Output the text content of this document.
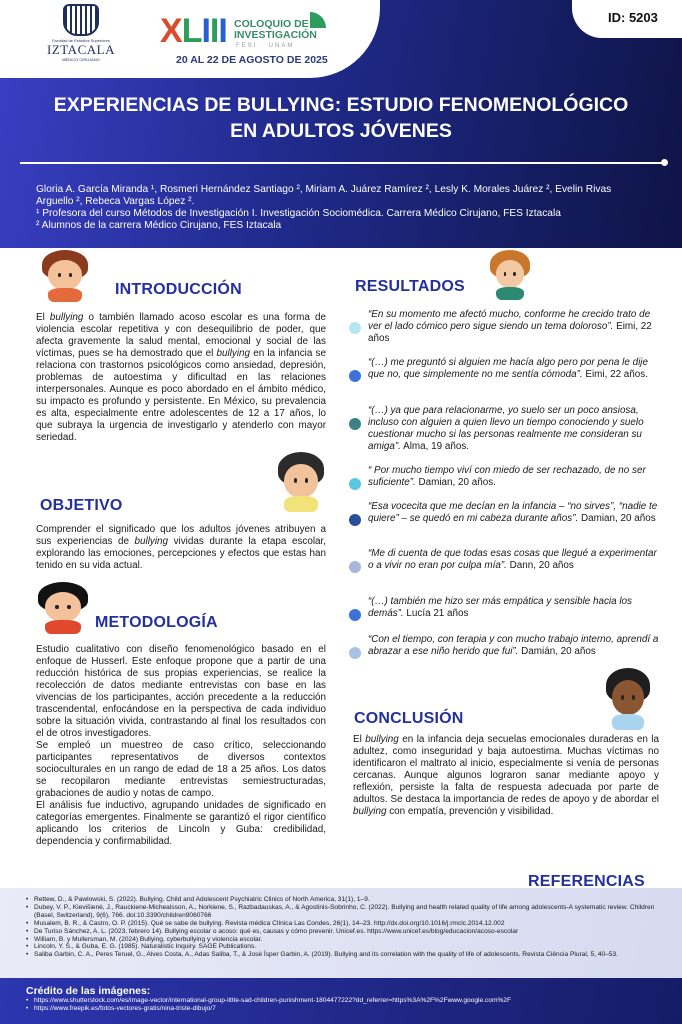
Facultad de Estudios Superiores
IZTACALA
MÉDICO CIRUJANO
XLIII COLOQUIO DE
INVESTIGACIÓN
FESI · UNAM
20 AL 22 DE AGOSTO DE 2025
ID: 5203
EXPERIENCIAS DE BULLYING: ESTUDIO FENOMENOLÓGICO
EN ADULTOS JÓVENES

Gloria A. García Miranda ¹, Rosmeri Hernández Santiago ², Miriam A. Juárez Ramírez ², Lesly K. Morales Juárez ², Evelin Rivas

Arguello ², Rebeca Vargas López ².

¹ Profesora del curso Métodos de Investigación I. Investigación Sociomédica. Carrera Médico Cirujano, FES Iztacala

² Alumnos de la carrera Médico Cirujano, FES Iztacala

INTRODUCCIÓN

El bullying o también llamado acoso escolar es una forma de violencia escolar repetitiva y con desequilibrio de poder, que afecta gravemente la salud mental, emocional y social de las víctimas, pues se ha demostrado que el bullying en la infancia se relaciona con trastornos psicológicos como ansiedad, depresión, problemas de autoestima y dificultad en las relaciones interpersonales. Aunque es poco abordado en el ámbito médico, su impacto es profundo y persistente. En México, su prevalencia es alta, especialmente entre adolescentes de 12 a 17 años, lo que subraya la urgencia de investigarlo y atenderlo con mayor seriedad.

OBJETIVO

Comprender el significado que los adultos jóvenes atribuyen a sus experiencias de bullying vividas durante la etapa escolar, explorando las emociones, percepciones y efectos que estas han tenido en su vida actual.

METODOLOGÍA

Estudio cualitativo con diseño fenomenológico basado en el enfoque de Husserl. Este enfoque propone que a partir de una reducción histórica de sus propias experiencias, se realice la recolección de datos mediante entrevistas con base en las vivencias de los participantes, acción precedente a la reducción trascendental, enfocándose en la perspectiva de cada individuo sobre la situación vivida, contrastando al final los resultados con el de otros investigadores.

Se empleó un muestreo de caso crítico, seleccionando participantes representativos de diversos contextos socioculturales en un rango de edad de 18 a 25 años. Los datos se recopilaron mediante entrevistas semiestructuradas, grabaciones de audio y notas de campo.

El análisis fue inductivo, agrupando unidades de significado en categorías emergentes. Finalmente se garantizó el rigor científico aplicando los criterios de Lincoln y Guba: credibilidad, dependencia y confirmabilidad.

RESULTADOS
“En su momento me afectó mucho, conforme he crecido trato de ver el lado cómico pero sigue siendo un tema doloroso”. Eimi, 22 años
“(…) me preguntó si alguien me hacía algo pero por pena le dije que no, que simplemente no me sentía cómoda”. Eimi, 22 años.
“(…) ya que para relacionarme, yo suelo ser un poco ansiosa, incluso con alguien a quien llevo un tiempo conociendo y suelo cuestionar mucho si las personas realmente me consideran su amiga”. Alma, 19 años.
“ Por mucho tiempo viví con miedo de ser rechazado, de no ser suficiente”. Damian, 20 años.
“Esa vocecita que me decían en la infancia – “no sirves”, “nadie te quiere” – se quedó en mi cabeza durante años”. Damian, 20 años
“Me di cuenta de que todas esas cosas que llegué a experimentar o a vivir no eran por culpa mía”. Dann, 20 años
“(…) también me hizo ser más empática y sensible hacia los demás”. Lucía 21 años
“Con el tiempo, con terapia y con mucho trabajo interno, aprendí a abrazar a ese niño herido que fui”. Damián, 20 años
CONCLUSIÓN

El bullying en la infancia deja secuelas emocionales duraderas en la adultez, como inseguridad y baja autoestima. Muchas víctimas no identificaron el maltrato al inicio, especialmente si venía de personas cercanas. Aunque algunos lograron sanar mediante apoyo y reflexión, persiste la falta de respuesta adecuada por parte de adultos. Se destaca la importancia de redes de apoyo y de abordar el bullying con empatía, prevención y visibilidad.

REFERENCIAS
• Rettew, D., & Pawlowski, S. (2022). Bullying. Child and Adolescent Psychiatric Clinics of North America, 31(1), 1–9.
• Dubey, V. P., Kievišienė, J., Rauckiene-Michealsson, A., Norkiene, S., Razbadauskas, A., & Agostinis-Sobrinho, C. (2022). Bullying and health related quality of life among adolescents-A systematic review. Children (Basel, Switzerland), 9(6), 766. doi:10.3390/children9060766
• Musalem, B. R., & Castro, O. P. (2015). Qué se sabe de bullying. Revista médica Clínica Las Condes, 26(1), 14–23. http://dx.doi.org/10.1016/j.rmclc.2014.12.002
• De Turiso Sánchez, A. L. (2023, febrero 14). Bullying escolar o acoso: qué es, causas y cómo prevenir. Unicef.es. https://www.unicef.es/blog/educacion/acoso-escolar
• William, B. y Mullersman, M. (2024) Bullying, cyberbullying y violencia escolar.
• Lincoln, Y. S., & Guba, E. G. (1985). Naturalistic Inquiry. SAGE Publications.
• Saliba Garbin, C. A., Peres Teruel, G., Alves Costa, A., Adas Saliba, T., & José Ísper Garbin, A. (2019). Bullying and its correlation with the quality of life of adolescents. Revista Ciência Plural, 5, 40–53.
Crédito de las imágenes:
• https://www.shutterstock.com/es/image-vector/international-group-little-sad-children-punishment-1804477222?dd_referrer=https%3A%2F%2Fwww.google.com%2F
• https://www.freepik.es/fotos-vectores-gratis/nina-triste-dibujo/7
